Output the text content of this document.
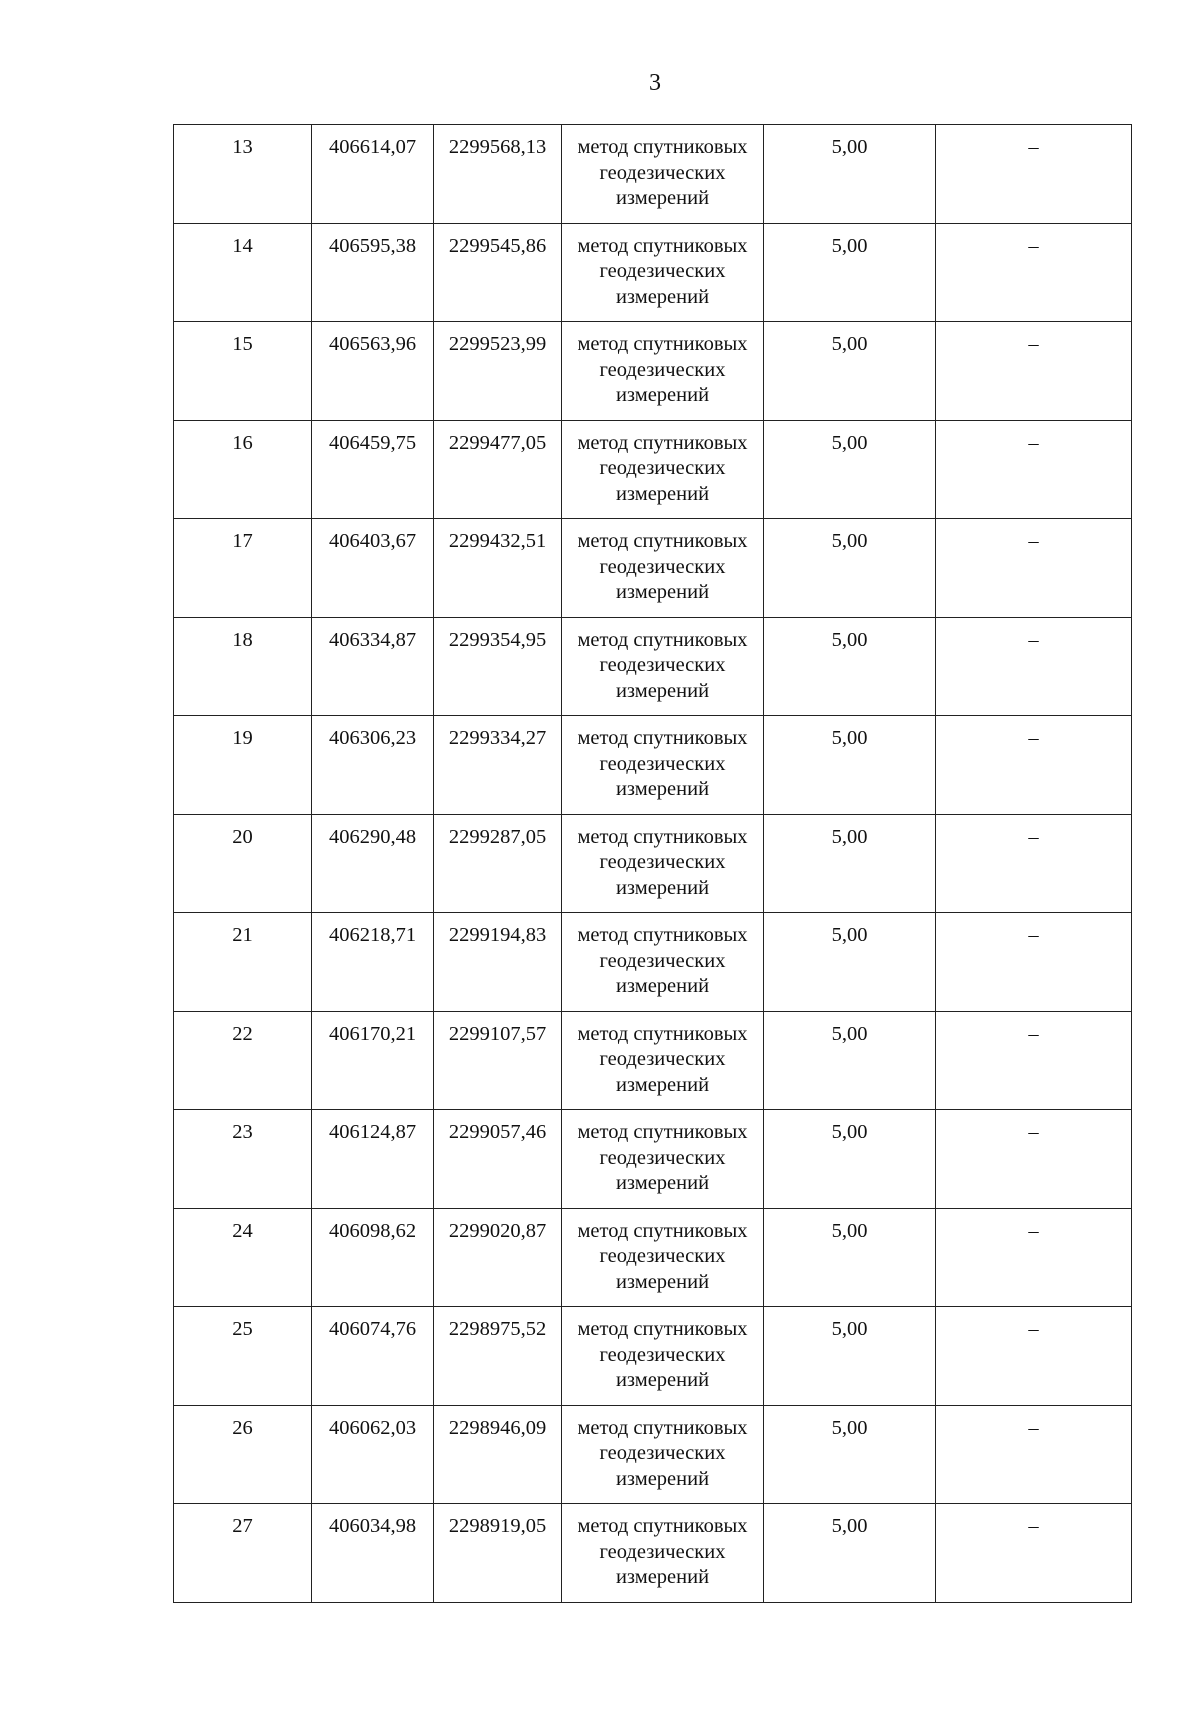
3
13	406614,07	2299568,13	метод спутниковых геодезических измерений	5,00	–
14	406595,38	2299545,86	метод спутниковых геодезических измерений	5,00	–
15	406563,96	2299523,99	метод спутниковых геодезических измерений	5,00	–
16	406459,75	2299477,05	метод спутниковых геодезических измерений	5,00	–
17	406403,67	2299432,51	метод спутниковых геодезических измерений	5,00	–
18	406334,87	2299354,95	метод спутниковых геодезических измерений	5,00	–
19	406306,23	2299334,27	метод спутниковых геодезических измерений	5,00	–
20	406290,48	2299287,05	метод спутниковых геодезических измерений	5,00	–
21	406218,71	2299194,83	метод спутниковых геодезических измерений	5,00	–
22	406170,21	2299107,57	метод спутниковых геодезических измерений	5,00	–
23	406124,87	2299057,46	метод спутниковых геодезических измерений	5,00	–
24	406098,62	2299020,87	метод спутниковых геодезических измерений	5,00	–
25	406074,76	2298975,52	метод спутниковых геодезических измерений	5,00	–
26	406062,03	2298946,09	метод спутниковых геодезических измерений	5,00	–
27	406034,98	2298919,05	метод спутниковых геодезических измерений	5,00	–
